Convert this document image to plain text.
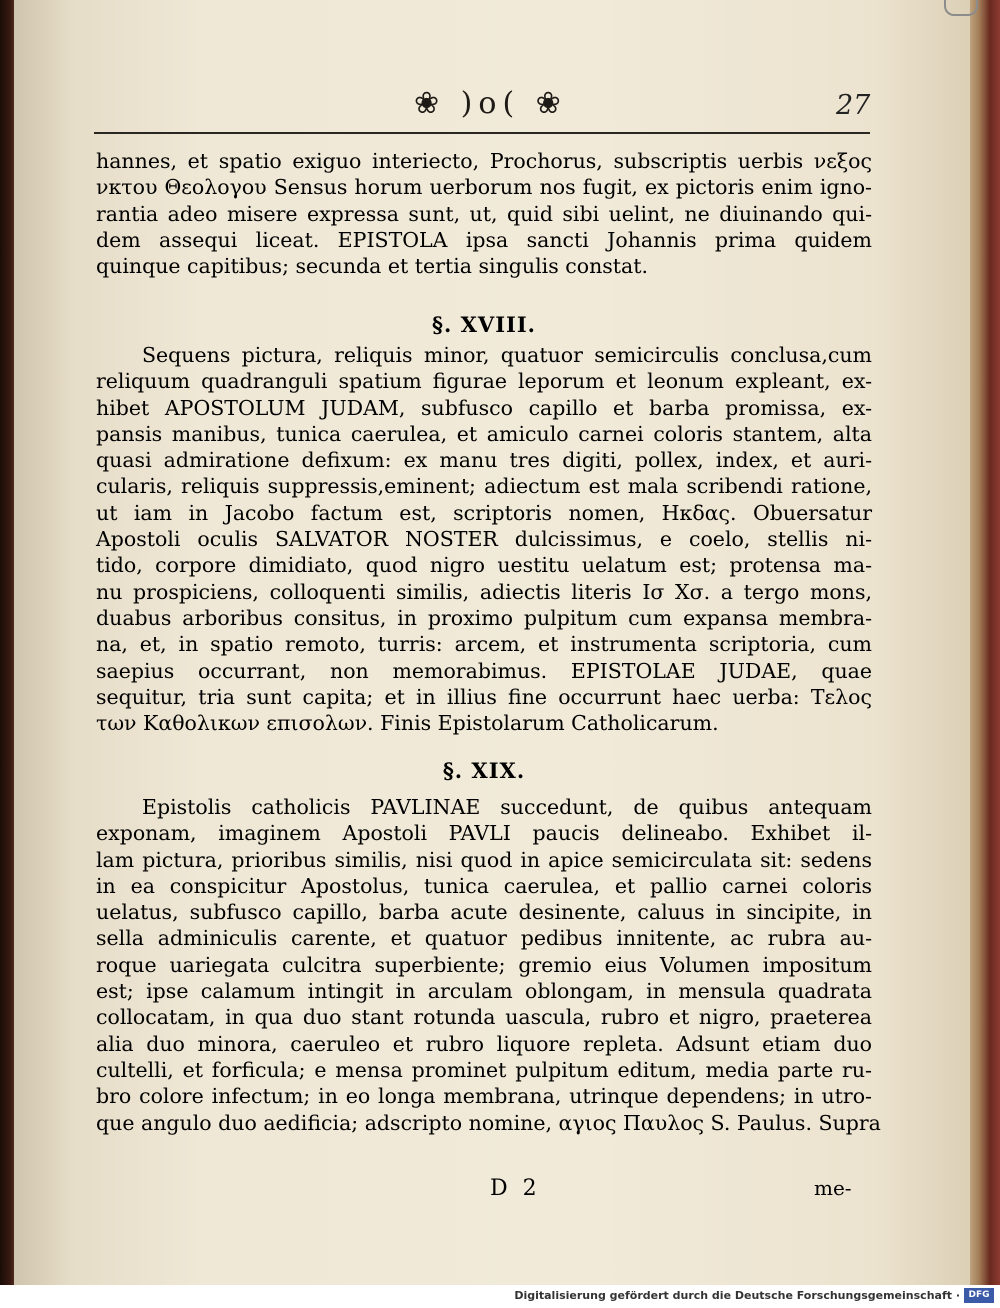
❀ )o( ❀	27
hannes, et spatio exiguo interiecto, Prochorus, subscriptis uerbis νεξος
νκτου Θεολογου Sensus horum uerborum nos fugit, ex pictoris enim igno-
rantia adeo misere expressa sunt, ut, quid sibi uelint, ne diuinando qui-
dem assequi liceat. EPISTOLA ipsa sancti Johannis prima quidem
quinque capitibus; secunda et tertia singulis constat.
§. XVIII.
Sequens pictura, reliquis minor, quatuor semicirculis conclusa,cum
reliquum quadranguli spatium figurae leporum et leonum expleant, ex-
hibet APOSTOLUM JUDAM, subfusco capillo et barba promissa, ex-
pansis manibus, tunica caerulea, et amiculo carnei coloris stantem, alta
quasi admiratione defixum: ex manu tres digiti, pollex, index, et auri-
cularis, reliquis suppressis,eminent; adiectum est mala scribendi ratione,
ut iam in Jacobo factum est, scriptoris nomen, Ηκδας. Obuersatur
Apostoli oculis SALVATOR NOSTER dulcissimus, e coelo, stellis ni-
tido, corpore dimidiato, quod nigro uestitu uelatum est; protensa ma-
nu prospiciens, colloquenti similis, adiectis literis Iσ Xσ. a tergo mons,
duabus arboribus consitus, in proximo pulpitum cum expansa membra-
na, et, in spatio remoto, turris: arcem, et instrumenta scriptoria, cum
saepius occurrant, non memorabimus. EPISTOLAE JUDAE, quae
sequitur, tria sunt capita; et in illius fine occurrunt haec uerba: Τελος
των Καθολικων επισολων. Finis Epistolarum Catholicarum.
§. XIX.
Epistolis catholicis PAVLINAE succedunt, de quibus antequam
exponam, imaginem Apostoli PAVLI paucis delineabo. Exhibet il-
lam pictura, prioribus similis, nisi quod in apice semicirculata sit: sedens
in ea conspicitur Apostolus, tunica caerulea, et pallio carnei coloris
uelatus, subfusco capillo, barba acute desinente, caluus in sincipite, in
sella adminiculis carente, et quatuor pedibus innitente, ac rubra au-
roque uariegata culcitra superbiente; gremio eius Volumen impositum
est; ipse calamum intingit in arculam oblongam, in mensula quadrata
collocatam, in qua duo stant rotunda uascula, rubro et nigro, praeterea
alia duo minora, caeruleo et rubro liquore repleta. Adsunt etiam duo
cultelli, et forficula; e mensa prominet pulpitum editum, media parte ru-
bro colore infectum; in eo longa membrana, utrinque dependens; in utro-
que angulo duo aedificia; adscripto nomine, αγιος Παυλος S. Paulus. Supra
D 2	me-
Digitalisierung gefördert durch die Deutsche Forschungsgemeinschaft · DFG
